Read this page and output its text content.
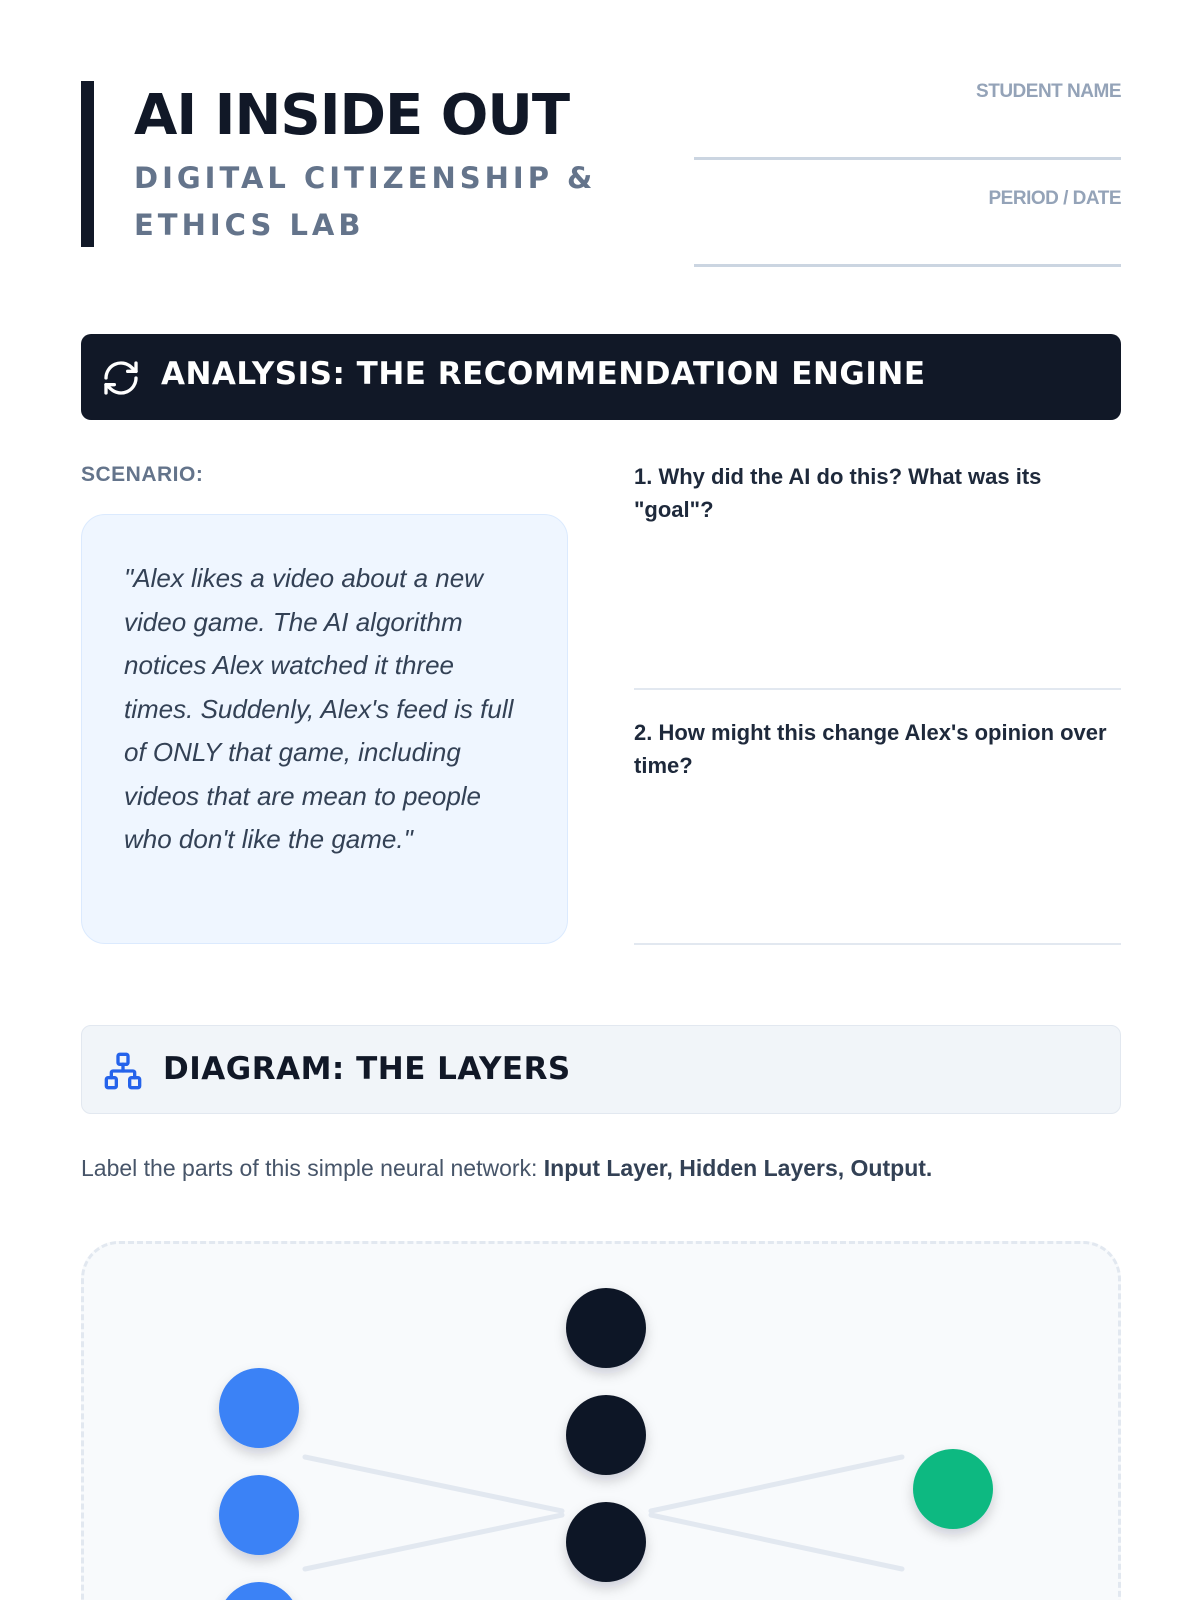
AI INSIDE OUT
DIGITAL CITIZENSHIP & ETHICS LAB
STUDENT NAME
PERIOD / DATE
ANALYSIS: THE RECOMMENDATION ENGINE
SCENARIO:
"Alex likes a video about a new video game. The AI algorithm notices Alex watched it three times. Suddenly, Alex's feed is full of ONLY that game, including videos that are mean to people who don't like the game."
1. Why did the AI do this? What was its "goal"?
2. How might this change Alex's opinion over time?
DIAGRAM: THE LAYERS
Label the parts of this simple neural network: Input Layer, Hidden Layers, Output.
